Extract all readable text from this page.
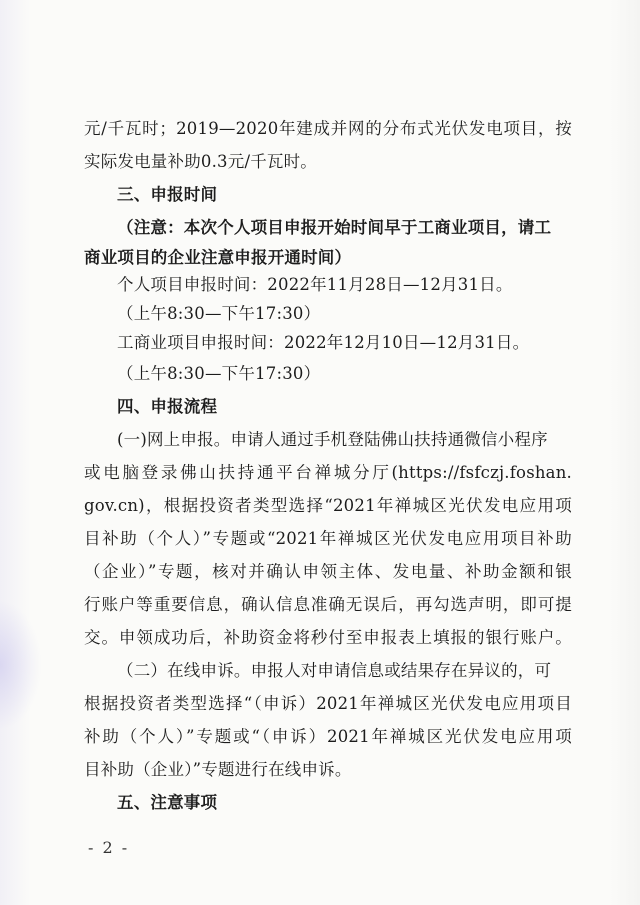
元/千瓦时；2019—2020年建成并网的分布式光伏发电项目，按
实际发电量补助0.3元/千瓦时。
三、申报时间
（注意：本次个人项目申报开始时间早于工商业项目，请工
商业项目的企业注意申报开通时间）
个人项目申报时间：2022年11月28日—12月31日。
（上午8:30—下午17:30）
工商业项目申报时间：2022年12月10日—12月31日。
（上午8:30—下午17:30）
四、申报流程
(一)网上申报。申请人通过手机登陆佛山扶持通微信小程序
或电脑登录佛山扶持通平台禅城分厅(https://fsfczj.foshan.
gov.cn)，根据投资者类型选择“2021年禅城区光伏发电应用项
目补助（个人）”专题或“2021年禅城区光伏发电应用项目补助
（企业）”专题，核对并确认申领主体、发电量、补助金额和银
行账户等重要信息，确认信息准确无误后，再勾选声明，即可提
交。申领成功后，补助资金将秒付至申报表上填报的银行账户。
（二）在线申诉。申报人对申请信息或结果存在异议的，可
根据投资者类型选择“（申诉）2021年禅城区光伏发电应用项目
补助（个人）”专题或“（申诉）2021年禅城区光伏发电应用项
目补助（企业）”专题进行在线申诉。
五、注意事项
- 2 -
